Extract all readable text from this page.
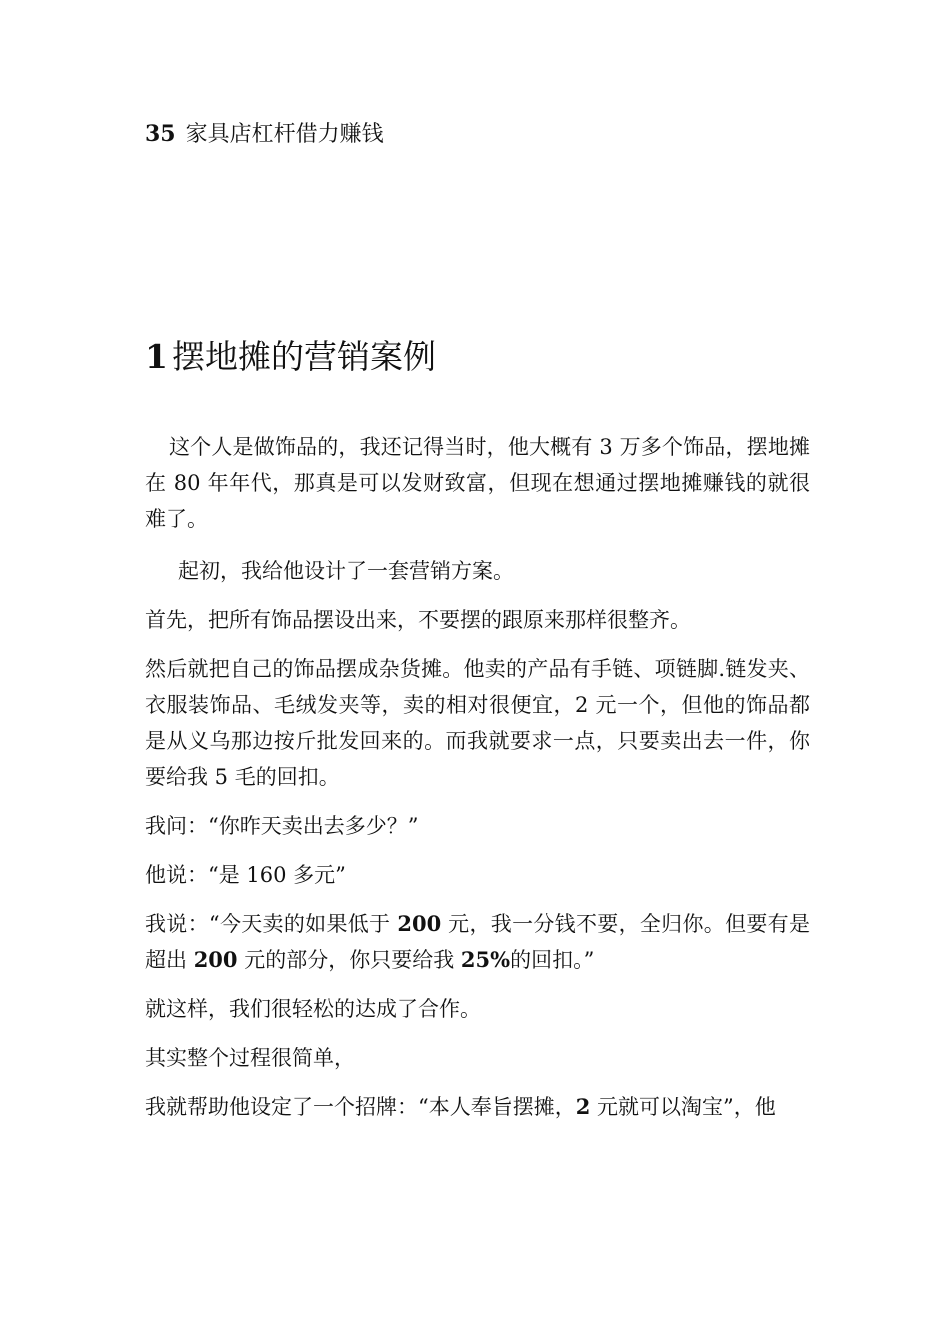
35 家具店杠杆借力赚钱
1 摆地摊的营销案例

这个人是做饰品的，我还记得当时，他大概有 3 万多个饰品，摆地摊在 80 年年代，那真是可以发财致富，但现在想通过摆地摊赚钱的就很难了。

起初，我给他设计了一套营销方案。

首先，把所有饰品摆设出来，不要摆的跟原来那样很整齐。

然后就把自己的饰品摆成杂货摊。他卖的产品有手链、项链脚.链发夹、衣服装饰品、毛绒发夹等，卖的相对很便宜，2 元一个，但他的饰品都是从义乌那边按斤批发回来的。而我就要求一点，只要卖出去一件，你要给我 5 毛的回扣。

我问：“你昨天卖出去多少？”

他说：“是 160 多元”

我说：“今天卖的如果低于 200 元，我一分钱不要，全归你。但要有是超出 200 元的部分，你只要给我 25%的回扣。”

就这样，我们很轻松的达成了合作。

其实整个过程很简单，

我就帮助他设定了一个招牌：“本人奉旨摆摊，2 元就可以淘宝”，他
